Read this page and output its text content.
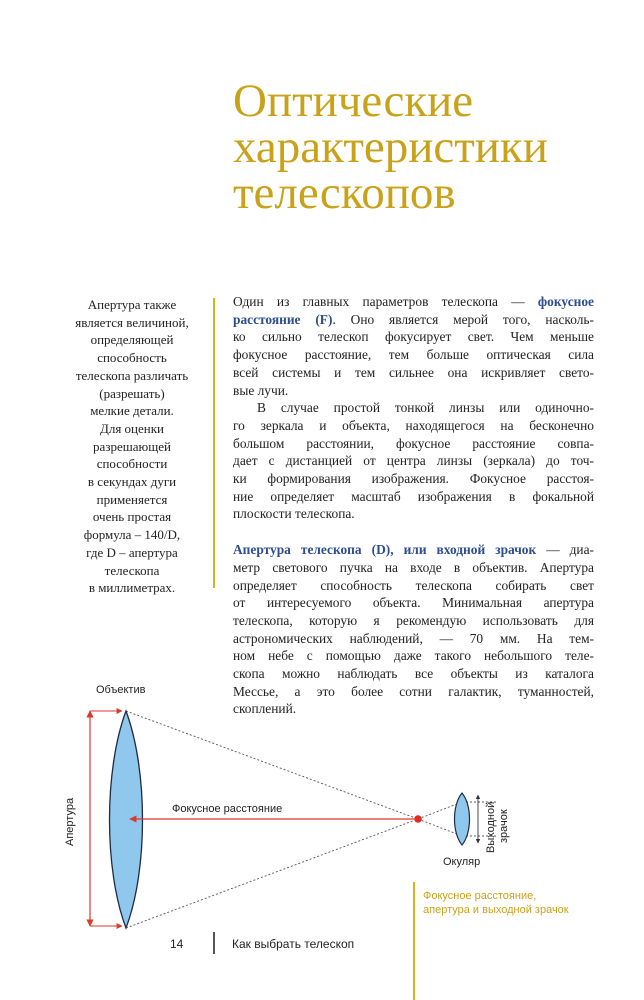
Оптические
характеристики
телескопов
Апертура также
является величиной,
определяющей
способность
телескопа различать
(разрешать)
мелкие детали.
Для оценки
разрешающей
способности
в секундах дуги
применяется
очень простая
формула – 140/D,
где D – апертура
телескопа
в миллиметрах.

Один из главных параметров телескопа — фокусное
расстояние (F). Оно является мерой того, насколь-
ко сильно телескоп фокусирует свет. Чем меньше
фокусное расстояние, тем больше оптическая сила
всей системы и тем сильнее она искривляет свето-
вые лучи.

В случае простой тонкой линзы или одиночно-
го зеркала и объекта, находящегося на бесконечно
большом расстоянии, фокусное расстояние совпа-
дает с дистанцией от центра линзы (зеркала) до точ-
ки формирования изображения. Фокусное расстоя-
ние определяет масштаб изображения в фокальной
плоскости телескопа.

Апертура телескопа (D), или входной зрачок — диа-
метр светового пучка на входе в объектив. Апертура
определяет способность телескопа собирать свет
от интересуемого объекта. Минимальная апертура
телескопа, которую я рекомендую использовать для
астрономических наблюдений, — 70 мм. На тем-
ном небе с помощью даже такого небольшого теле-
скопа можно наблюдать все объекты из каталога
Мессье, а это более сотни галактик, туманностей,
скоплений.

Объектив
Апертура	Фокусное расстояние
Окуляр
Выходной зрачок
Фокусное расстояние,
апертура и выходной зрачок
14	Как выбрать телескоп
